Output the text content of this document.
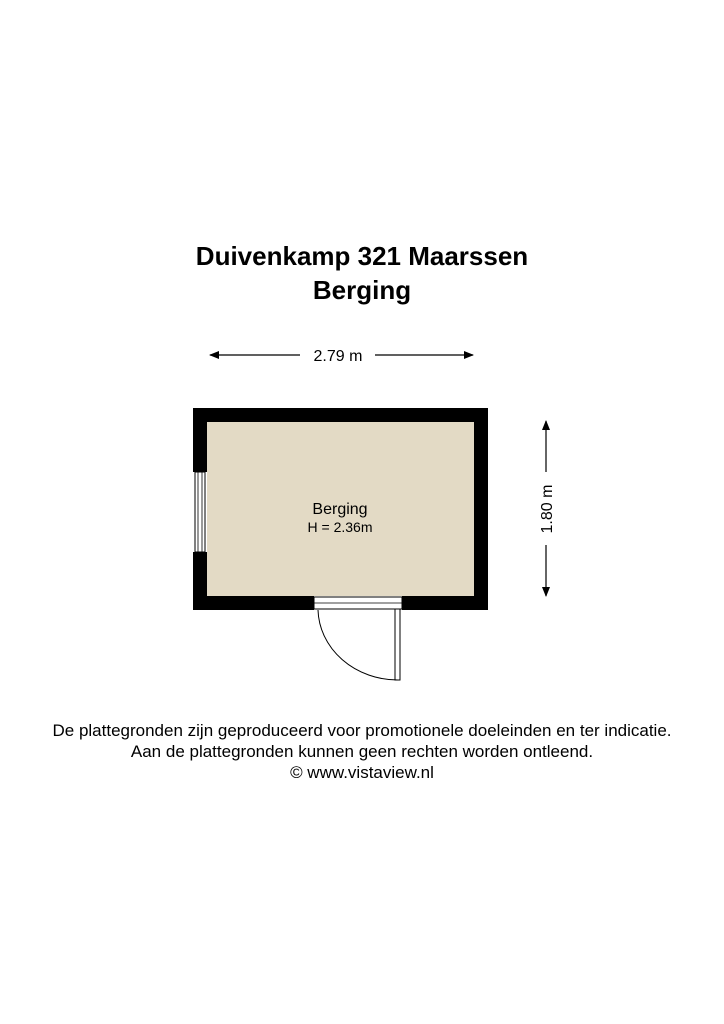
Duivenkamp 321 Maarssen
Berging
2.79 m
1.80 m
Berging
H = 2.36m
De plattegronden zijn geproduceerd voor promotionele doeleinden en ter indicatie.
Aan de plattegronden kunnen geen rechten worden ontleend.
© www.vistaview.nl
